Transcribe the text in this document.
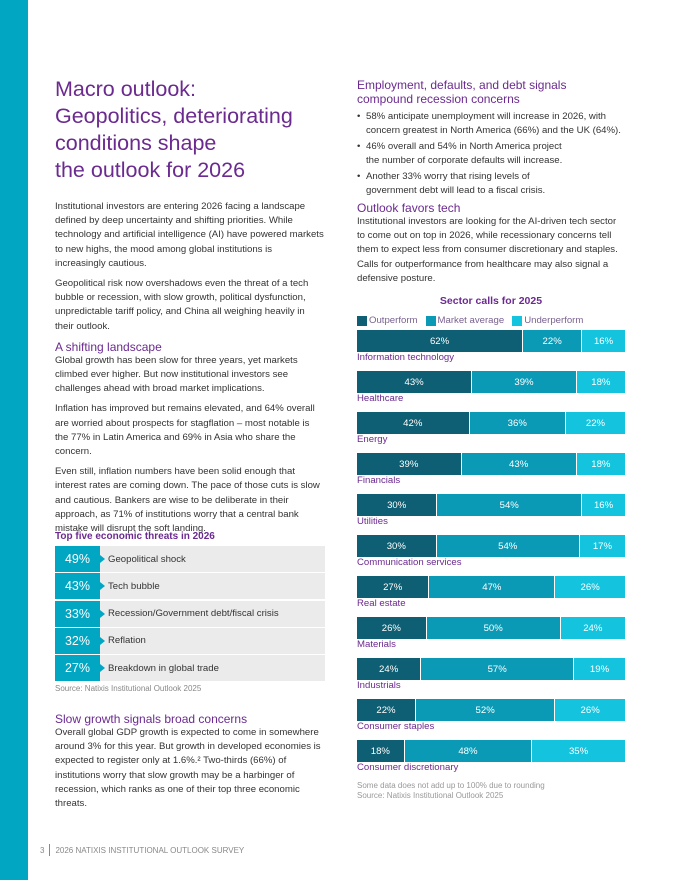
Macro outlook:
Geopolitics, deteriorating
conditions shape
the outlook for 2026

Institutional investors are entering 2026 facing a landscape defined by deep uncertainty and shifting priorities. While technology and artificial intelligence (AI) have powered markets to new highs, the mood among global institutions is increasingly cautious.

Geopolitical risk now overshadows even the threat of a tech bubble or recession, with slow growth, political dysfunction, unpredictable tariff policy, and China all weighing heavily in their outlook.

A shifting landscape

Global growth has been slow for three years, yet markets climbed ever higher. But now institutional investors see challenges ahead with broad market implications.

Inflation has improved but remains elevated, and 64% overall are worried about prospects for stagflation – most notable is the 77% in Latin America and 69% in Asia who share the concern.

Even still, inflation numbers have been solid enough that interest rates are coming down. The pace of those cuts is slow and cautious. Bankers are wise to be deliberate in their approach, as 71% of institutions worry that a central bank mistake will disrupt the soft landing.

Top five economic threats in 2026
49%	Geopolitical shock
43%	Tech bubble
33%	Recession/Government debt/fiscal crisis
32%	Reflation
27%	Breakdown in global trade
Source: Natixis Institutional Outlook 2025
Slow growth signals broad concerns

Overall global GDP growth is expected to come in somewhere around 3% for this year. But growth in developed economies is expected to register only at 1.6%.² Two-thirds (66%) of institutions worry that slow growth may be a harbinger of recession, which ranks as one of their top three economic threats.

Employment, defaults, and debt signals
compound recession concerns
• 58% anticipate unemployment will increase in 2026, with
concern greatest in North America (66%) and the UK (64%).
• 46% overall and 54% in North America project
the number of corporate defaults will increase.
• Another 33% worry that rising levels of
government debt will lead to a fiscal crisis.
Outlook favors tech

Institutional investors are looking for the AI-driven tech sector to come out on top in 2026, while recessionary concerns tell them to expect less from consumer discretionary and staples. Calls for outperformance from healthcare may also signal a defensive posture.

Sector calls for 2025
Outperform Market average Underperform
62%	22%	16%
Information technology
43%	39%	18%
Healthcare
42%	36%	22%
Energy
39%	43%	18%
Financials
30%	54%	16%
Utilities
30%	54%	17%
Communication services
27%	47%	26%
Real estate
26%	50%	24%
Materials
24%	57%	19%
Industrials
22%	52%	26%
Consumer staples
18%	48%	35%
Consumer discretionary
Some data does not add up to 100% due to rounding
Source: Natixis Institutional Outlook 2025
3 2026 NATIXIS INSTITUTIONAL OUTLOOK SURVEY
